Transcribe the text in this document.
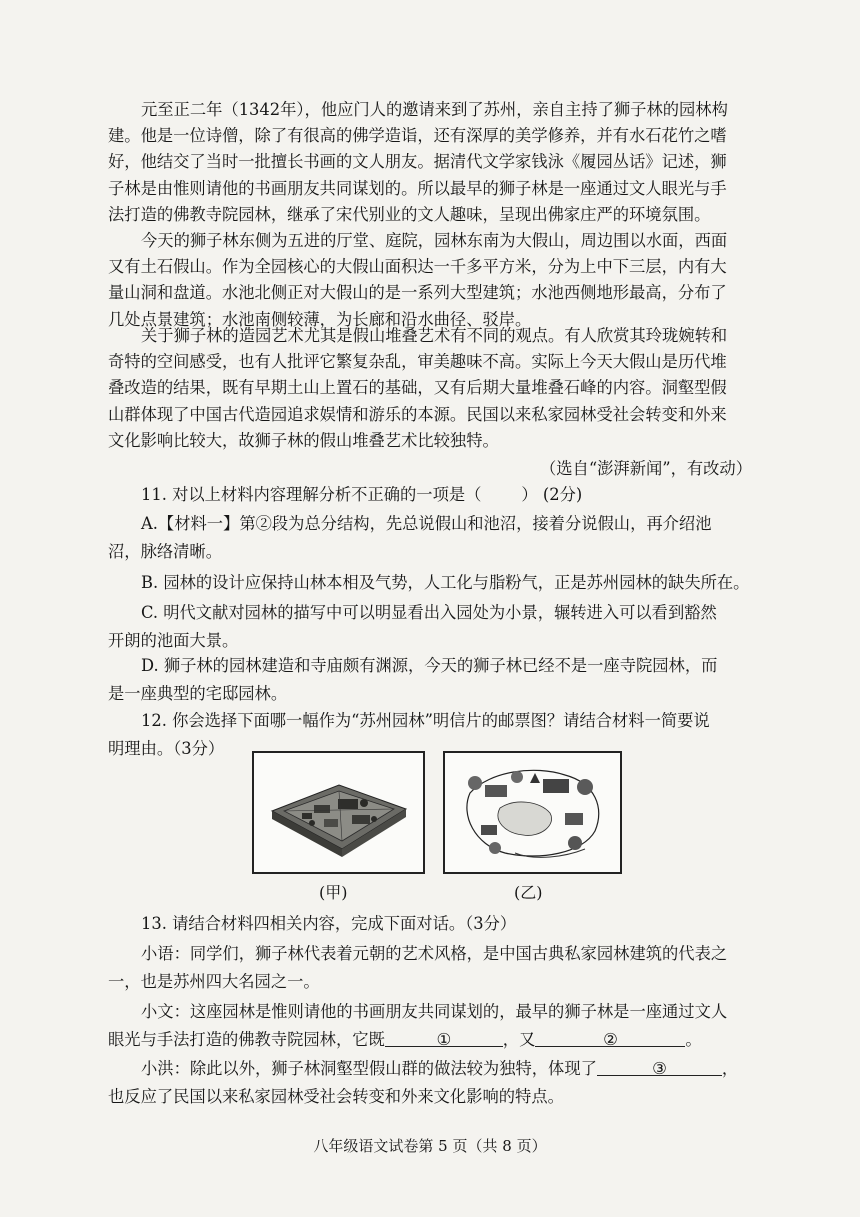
元至正二年（1342年），他应门人的邀请来到了苏州，亲自主持了狮子林的园林构
建。他是一位诗僧，除了有很高的佛学造诣，还有深厚的美学修养，并有水石花竹之嗜
好，他结交了当时一批擅长书画的文人朋友。据清代文学家钱泳《履园丛话》记述，狮
子林是由惟则请他的书画朋友共同谋划的。所以最早的狮子林是一座通过文人眼光与手
法打造的佛教寺院园林，继承了宋代别业的文人趣味，呈现出佛家庄严的环境氛围。

今天的狮子林东侧为五进的厅堂、庭院，园林东南为大假山，周边围以水面，西面
又有土石假山。作为全园核心的大假山面积达一千多平方米，分为上中下三层，内有大
量山洞和盘道。水池北侧正对大假山的是一系列大型建筑；水池西侧地形最高，分布了
几处点景建筑；水池南侧较薄，为长廊和沿水曲径、驳岸。

关于狮子林的造园艺术尤其是假山堆叠艺术有不同的观点。有人欣赏其玲珑婉转和
奇特的空间感受，也有人批评它繁复杂乱，审美趣味不高。实际上今天大假山是历代堆
叠改造的结果，既有早期土山上置石的基础，又有后期大量堆叠石峰的内容。洞壑型假
山群体现了中国古代造园追求娱情和游乐的本源。民国以来私家园林受社会转变和外来
文化影响比较大，故狮子林的假山堆叠艺术比较独特。

（选自“澎湃新闻”，有改动）
11. 对以上材料内容理解分析不正确的一项是（ ） (2分)
A.【材料一】第②段为总分结构，先总说假山和池沼，接着分说假山，再介绍池
沼，脉络清晰。
B. 园林的设计应保持山林本相及气势，人工化与脂粉气，正是苏州园林的缺失所在。
C. 明代文献对园林的描写中可以明显看出入园处为小景，辗转进入可以看到豁然
开朗的池面大景。
D. 狮子林的园林建造和寺庙颇有渊源，今天的狮子林已经不是一座寺院园林，而
是一座典型的宅邸园林。
12. 你会选择下面哪一幅作为“苏州园林”明信片的邮票图？请结合材料一简要说
明理由。（3分）
(甲)	(乙)
13. 请结合材料四相关内容，完成下面对话。（3分）
小语：同学们，狮子林代表着元朝的艺术风格，是中国古典私家园林建筑的代表之
一，也是苏州四大名园之一。
小文：这座园林是惟则请他的书画朋友共同谋划的，最早的狮子林是一座通过文人
眼光与手法打造的佛教寺院园林，它既	①	，又	②	。
小洪：除此以外，狮子林洞壑型假山群的做法较为独特，体现了	③	，
也反应了民国以来私家园林受社会转变和外来文化影响的特点。
八年级语文试卷第 5 页（共 8 页）
